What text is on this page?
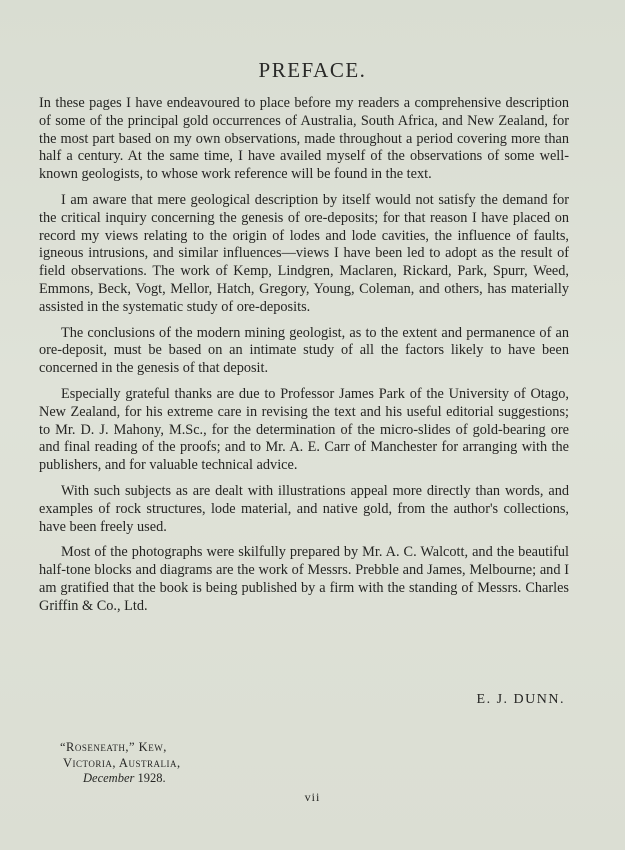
PREFACE.

In these pages I have endeavoured to place before my readers a comprehensive description of some of the principal gold occurrences of Australia, South Africa, and New Zealand, for the most part based on my own observations, made throughout a period covering more than half a century. At the same time, I have availed myself of the observations of some well-known geologists, to whose work reference will be found in the text.

I am aware that mere geological description by itself would not satisfy the demand for the critical inquiry concerning the genesis of ore-deposits; for that reason I have placed on record my views relating to the origin of lodes and lode cavities, the influence of faults, igneous intrusions, and similar influences—views I have been led to adopt as the result of field observations. The work of Kemp, Lindgren, Maclaren, Rickard, Park, Spurr, Weed, Emmons, Beck, Vogt, Mellor, Hatch, Gregory, Young, Coleman, and others, has materially assisted in the systematic study of ore-deposits.

The conclusions of the modern mining geologist, as to the extent and permanence of an ore-deposit, must be based on an intimate study of all the factors likely to have been concerned in the genesis of that deposit.

Especially grateful thanks are due to Professor James Park of the University of Otago, New Zealand, for his extreme care in revising the text and his useful editorial suggestions; to Mr. D. J. Mahony, M.Sc., for the determination of the micro-slides of gold-bearing ore and final reading of the proofs; and to Mr. A. E. Carr of Manchester for arranging with the publishers, and for valuable technical advice.

With such subjects as are dealt with illustrations appeal more directly than words, and examples of rock structures, lode material, and native gold, from the author's collections, have been freely used.

Most of the photographs were skilfully prepared by Mr. A. C. Walcott, and the beautiful half-tone blocks and diagrams are the work of Messrs. Prebble and James, Melbourne; and I am gratified that the book is being published by a firm with the standing of Messrs. Charles Griffin & Co., Ltd.

E. J. DUNN.
“Roseneath,” Kew,
Victoria, Australia,
December 1928.
vii
